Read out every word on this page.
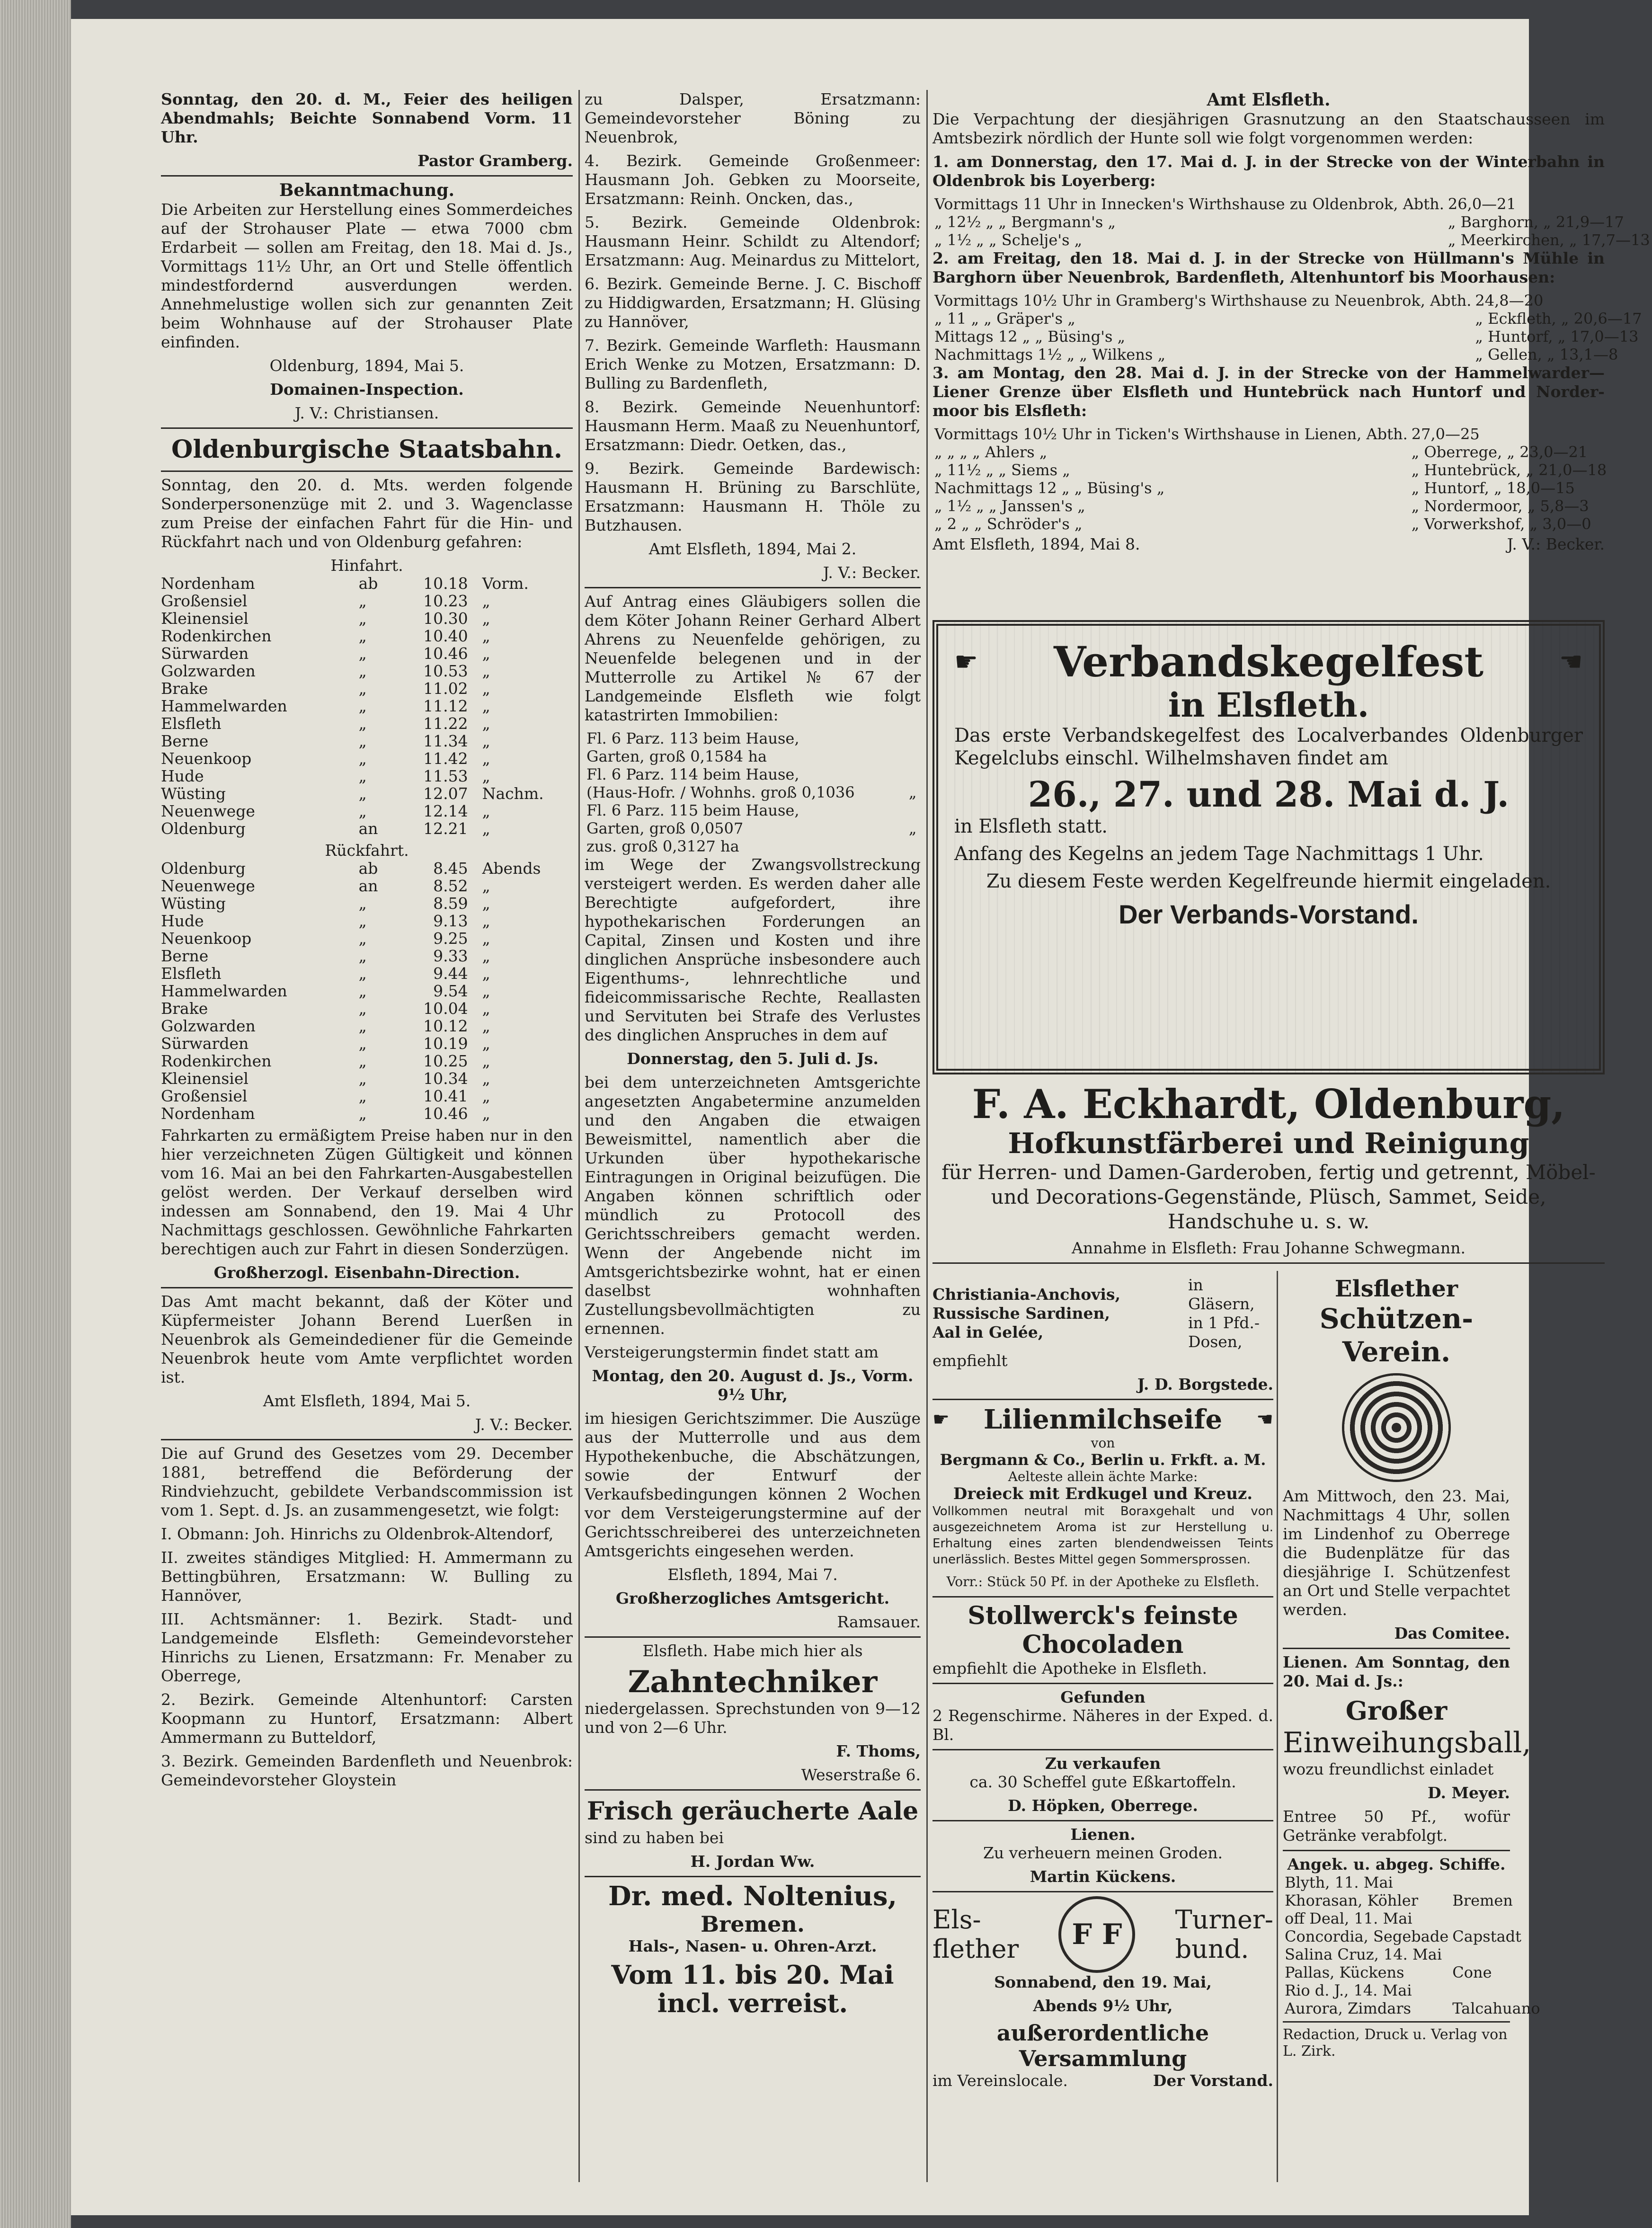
Sonntag, den 20. d. M., Feier des heiligen Abendmahls; Beichte Sonnabend Vorm. 11 Uhr.

Pastor Gramberg.

Bekanntmachung.

Die Arbeiten zur Herstellung eines Sommerdeiches auf der Strohauser Plate — etwa 7000 cbm Erdarbeit — sollen am Freitag, den 18. Mai d. Js., Vormittags 11½ Uhr, an Ort und Stelle öffentlich mindestfordernd ausverdungen werden. Annehmelustige wollen sich zur genannten Zeit beim Wohnhause auf der Strohauser Plate einfinden.

Oldenburg, 1894, Mai 5.

Domainen-Inspection.

J. V.: Christiansen.

Oldenburgische Staatsbahn.

Sonntag, den 20. d. Mts. werden folgende Sonderpersonenzüge mit 2. und 3. Wagenclasse zum Preise der einfachen Fahrt für die Hin- und Rückfahrt nach und von Oldenburg gefahren:

Hinfahrt.
Nordenham	ab	10.18	Vorm.
Großensiel	„	10.23	„
Kleinensiel	„	10.30	„
Rodenkirchen	„	10.40	„
Sürwarden	„	10.46	„
Golzwarden	„	10.53	„
Brake	„	11.02	„
Hammelwarden	„	11.12	„
Elsfleth	„	11.22	„
Berne	„	11.34	„
Neuenkoop	„	11.42	„
Hude	„	11.53	„
Wüsting	„	12.07	Nachm.
Neuenwege	„	12.14	„
Oldenburg	an	12.21	„
Rückfahrt.
Oldenburg	ab	8.45	Abends
Neuenwege	an	8.52	„
Wüsting	„	8.59	„
Hude	„	9.13	„
Neuenkoop	„	9.25	„
Berne	„	9.33	„
Elsfleth	„	9.44	„
Hammelwarden	„	9.54	„
Brake	„	10.04	„
Golzwarden	„	10.12	„
Sürwarden	„	10.19	„
Rodenkirchen	„	10.25	„
Kleinensiel	„	10.34	„
Großensiel	„	10.41	„
Nordenham	„	10.46	„

Fahrkarten zu ermäßigtem Preise haben nur in den hier verzeichneten Zügen Gültigkeit und können vom 16. Mai an bei den Fahrkarten-Ausgabestellen gelöst werden. Der Verkauf derselben wird indessen am Sonnabend, den 19. Mai 4 Uhr Nachmittags geschlossen. Gewöhnliche Fahrkarten berechtigen auch zur Fahrt in diesen Sonderzügen.

Großherzogl. Eisenbahn-Direction.

Das Amt macht bekannt, daß der Köter und Küpfermeister Johann Berend Luerßen in Neuenbrok als Gemeindediener für die Gemeinde Neuenbrok heute vom Amte verpflichtet worden ist.

Amt Elsfleth, 1894, Mai 5.

J. V.: Becker.

Die auf Grund des Gesetzes vom 29. December 1881, betreffend die Beförderung der Rindviehzucht, gebildete Verbandscommission ist vom 1. Sept. d. Js. an zusammengesetzt, wie folgt:

I. Obmann: Joh. Hinrichs zu Oldenbrok-Altendorf,

II. zweites ständiges Mitglied: H. Ammermann zu Bettingbühren, Ersatzmann: W. Bulling zu Hannöver,

III. Achtsmänner: 1. Bezirk. Stadt- und Landgemeinde Elsfleth: Gemeindevorsteher Hinrichs zu Lienen, Ersatzmann: Fr. Menaber zu Oberrege,

2. Bezirk. Gemeinde Altenhuntorf: Carsten Koopmann zu Huntorf, Ersatzmann: Albert Ammermann zu Butteldorf,

3. Bezirk. Gemeinden Bardenfleth und Neuenbrok: Gemeindevorsteher Gloystein

zu Dalsper, Ersatzmann: Gemeindevorsteher Böning zu Neuenbrok,

4. Bezirk. Gemeinde Großenmeer: Hausmann Joh. Gebken zu Moorseite, Ersatzmann: Reinh. Oncken, das.,

5. Bezirk. Gemeinde Oldenbrok: Hausmann Heinr. Schildt zu Altendorf; Ersatzmann: Aug. Meinardus zu Mittelort,

6. Bezirk. Gemeinde Berne. J. C. Bischoff zu Hiddigwarden, Ersatzmann; H. Glüsing zu Hannöver,

7. Bezirk. Gemeinde Warfleth: Hausmann Erich Wenke zu Motzen, Ersatzmann: D. Bulling zu Bardenfleth,

8. Bezirk. Gemeinde Neuenhuntorf: Hausmann Herm. Maaß zu Neuenhuntorf, Ersatzmann: Diedr. Oetken, das.,

9. Bezirk. Gemeinde Bardewisch: Hausmann H. Brüning zu Barschlüte, Ersatzmann: Hausmann H. Thöle zu Butzhausen.

Amt Elsfleth, 1894, Mai 2.

J. V.: Becker.

Auf Antrag eines Gläubigers sollen die dem Köter Johann Reiner Gerhard Albert Ahrens zu Neuenfelde gehörigen, zu Neuenfelde belegenen und in der Mutterrolle zu Artikel № 67 der Landgemeinde Elsfleth wie folgt katastrirten Immobilien:

Fl. 6 Parz. 113 beim Hause,	
Garten, groß 0,1584 ha	
Fl. 6 Parz. 114 beim Hause,	
(Haus-Hofr. / Wohnhs. groß 0,1036	„
Fl. 6 Parz. 115 beim Hause,	
Garten, groß 0,0507	„
zus. groß 0,3127 ha	

im Wege der Zwangsvollstreckung versteigert werden. Es werden daher alle Berechtigte aufgefordert, ihre hypothekarischen Forderungen an Capital, Zinsen und Kosten und ihre dinglichen Ansprüche insbesondere auch Eigenthums-, lehnrechtliche und fideicommissarische Rechte, Reallasten und Servituten bei Strafe des Verlustes des dinglichen Anspruches in dem auf

Donnerstag, den 5. Juli d. Js.

bei dem unterzeichneten Amtsgerichte angesetzten Angabetermine anzumelden und den Angaben die etwaigen Beweismittel, namentlich aber die Urkunden über hypothekarische Eintragungen in Original beizufügen. Die Angaben können schriftlich oder mündlich zu Protocoll des Gerichtsschreibers gemacht werden. Wenn der Angebende nicht im Amtsgerichtsbezirke wohnt, hat er einen daselbst wohnhaften Zustellungsbevollmächtigten zu ernennen.

Versteigerungstermin findet statt am

Montag, den 20. August d. Js., Vorm. 9½ Uhr,

im hiesigen Gerichtszimmer. Die Auszüge aus der Mutterrolle und aus dem Hypothekenbuche, die Abschätzungen, sowie der Entwurf der Verkaufsbedingungen können 2 Wochen vor dem Versteigerungstermine auf der Gerichtsschreiberei des unterzeichneten Amtsgerichts eingesehen werden.

Elsfleth, 1894, Mai 7.

Großherzogliches Amtsgericht.

Ramsauer.

Elsfleth. Habe mich hier als

Zahntechniker

niedergelassen. Sprechstunden von 9—12 und von 2—6 Uhr.

F. Thoms,

Weserstraße 6.

Frisch geräucherte Aale

sind zu haben bei

H. Jordan Ww.

Dr. med. Noltenius,
Bremen.

Hals-, Nasen- u. Ohren-Arzt.

Vom 11. bis 20. Mai
incl. verreist.
Amt Elsfleth.

Die Verpachtung der diesjährigen Grasnutzung an den Staatschausseen im Amtsbezirk nördlich der Hunte soll wie folgt vorgenommen werden:

1. am Donnerstag, den 17. Mai d. J. in der Strecke von der Winterbahn in Oldenbrok bis Loyerberg:

Vormittags 11 Uhr in Innecken's Wirthshause zu Oldenbrok, Abth.	26,0—21
„ 12½ „ „ Bergmann's „	„ Barghorn, „ 21,9—17
„ 1½ „ „ Schelje's „	„ Meerkirchen, „ 17,7—13

2. am Freitag, den 18. Mai d. J. in der Strecke von Hüllmann's Mühle in Barghorn über Neuenbrok, Bardenfleth, Altenhuntorf bis Moorhausen:

Vormittags 10½ Uhr in Gramberg's Wirthshause zu Neuenbrok, Abth.	24,8—20
„ 11 „ „ Gräper's „	„ Eckfleth, „ 20,6—17
Mittags 12 „ „ Büsing's „	„ Huntorf, „ 17,0—13
Nachmittags 1½ „ „ Wilkens „	„ Gellen, „ 13,1—8

3. am Montag, den 28. Mai d. J. in der Strecke von der Hammelwarder—Liener Grenze über Elsfleth und Huntebrück nach Huntorf und Norder-moor bis Elsfleth:

Vormittags 10½ Uhr in Ticken's Wirthshause in Lienen, Abth.	27,0—25
„ „ „ „ Ahlers „	„ Oberrege, „ 23,0—21
„ 11½ „ „ Siems „	„ Huntebrück, „ 21,0—18
Nachmittags 12 „ „ Büsing's „	„ Huntorf, „ 18,0—15
„ 1½ „ „ Janssen's „	„ Nordermoor, „ 5,8—3
„ 2 „ „ Schröder's „	„ Vorwerkshof, „ 3,0—0
Amt Elsfleth, 1894, Mai 8.	J. V.: Becker.
☛ Verbandskegelfest	☚
in Elsfleth.

Das erste Verbandskegelfest des Localverbandes Oldenburger Kegelclubs einschl. Wilhelmshaven findet am

26., 27. und 28. Mai d. J.

in Elsfleth statt.

Anfang des Kegelns an jedem Tage Nachmittags 1 Uhr.

Zu diesem Feste werden Kegelfreunde hiermit eingeladen.

Der Verbands-Vorstand.
F. A. Eckhardt, Oldenburg,
Hofkunstfärberei und Reinigung

für Herren- und Damen-Garderoben, fertig und getrennt, Möbel- und Decorations-Gegenstände, Plüsch, Sammet, Seide, Handschuhe u. s. w.

Annahme in Elsfleth: Frau Johanne Schwegmann.

Christiania-Anchovis,
Russische Sardinen,
Aal in Gelée,
in Gläsern, in 1 Pfd.-Dosen,

empfiehlt

J. D. Borgstede.

☛ Lilienmilchseife ☚
von
Bergmann & Co., Berlin u. Frkft. a. M.
Aelteste allein ächte Marke:
Dreieck mit Erdkugel und Kreuz.

Vollkommen neutral mit Boraxgehalt und von ausgezeichnetem Aroma ist zur Herstellung u. Erhaltung eines zarten blendendweissen Teints unerlässlich. Bestes Mittel gegen Sommersprossen.

Vorr.: Stück 50 Pf. in der Apotheke zu Elsfleth.

Stollwerck's feinste Chocoladen

empfiehlt die Apotheke in Elsfleth.

Gefunden

2 Regenschirme. Näheres in der Exped. d. Bl.

Zu verkaufen

ca. 30 Scheffel gute Eßkartoffeln.

D. Höpken, Oberrege.

Lienen.

Zu verheuern meinen Groden.

Martin Kückens.

Els-
flether	F F	Turner-
bund.

Sonnabend, den 19. Mai,

Abends 9½ Uhr,

außerordentliche Versammlung
im Vereinslocale.	Der Vorstand.
Elsflether
Schützen-Verein.

Am Mittwoch, den 23. Mai, Nachmittags 4 Uhr, sollen im Lindenhof zu Oberrege die Budenplätze für das diesjährige I. Schützenfest an Ort und Stelle verpachtet werden.

Das Comitee.

Lienen. Am Sonntag, den 20. Mai d. Js.:

Großer
Einweihungsball,

wozu freundlichst einladet

D. Meyer.

Entree 50 Pf., wofür Getränke verabfolgt.

Angek. u. abgeg. Schiffe.
Blyth, 11. Mai	
Khorasan, Köhler	Bremen
off Deal, 11. Mai	
Concordia, Segebade	Capstadt
Salina Cruz, 14. Mai	
Pallas, Kückens	Cone
Rio d. J., 14. Mai	
Aurora, Zimdars	Talcahuano
Redaction, Druck u. Verlag von L. Zirk.
